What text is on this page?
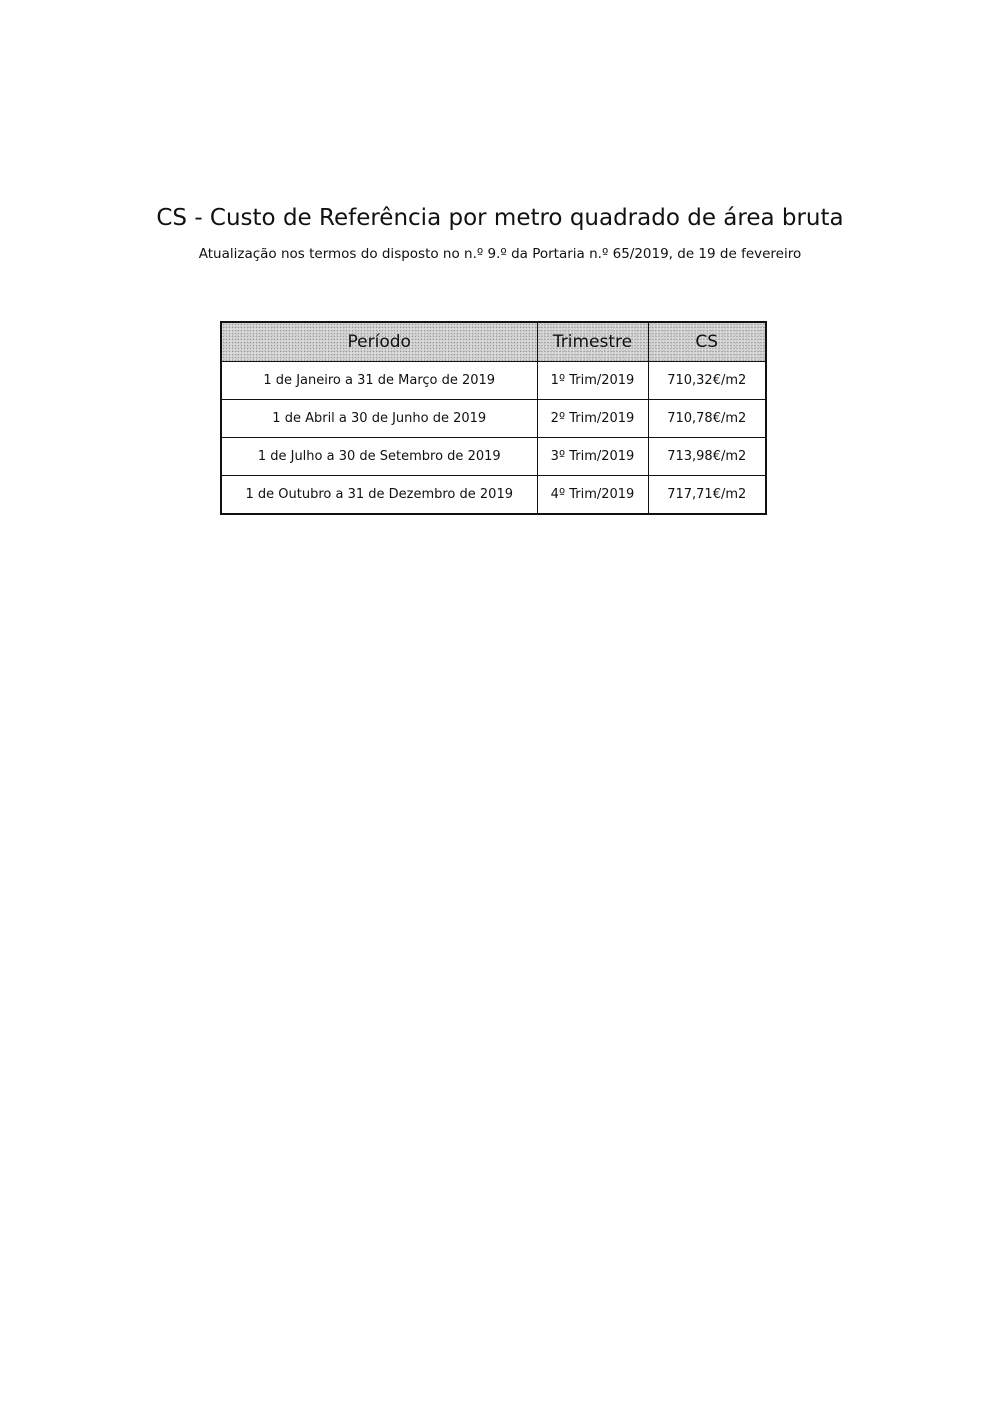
CS - Custo de Referência por metro quadrado de área bruta

Atualização nos termos do disposto no n.º 9.º da Portaria n.º 65/2019, de 19 de fevereiro

Período	Trimestre	CS
1 de Janeiro a 31 de Março de 2019	1º Trim/2019	710,32€/m2
1 de Abril a 30 de Junho de 2019	2º Trim/2019	710,78€/m2
1 de Julho a 30 de Setembro de 2019	3º Trim/2019	713,98€/m2
1 de Outubro a 31 de Dezembro de 2019	4º Trim/2019	717,71€/m2
